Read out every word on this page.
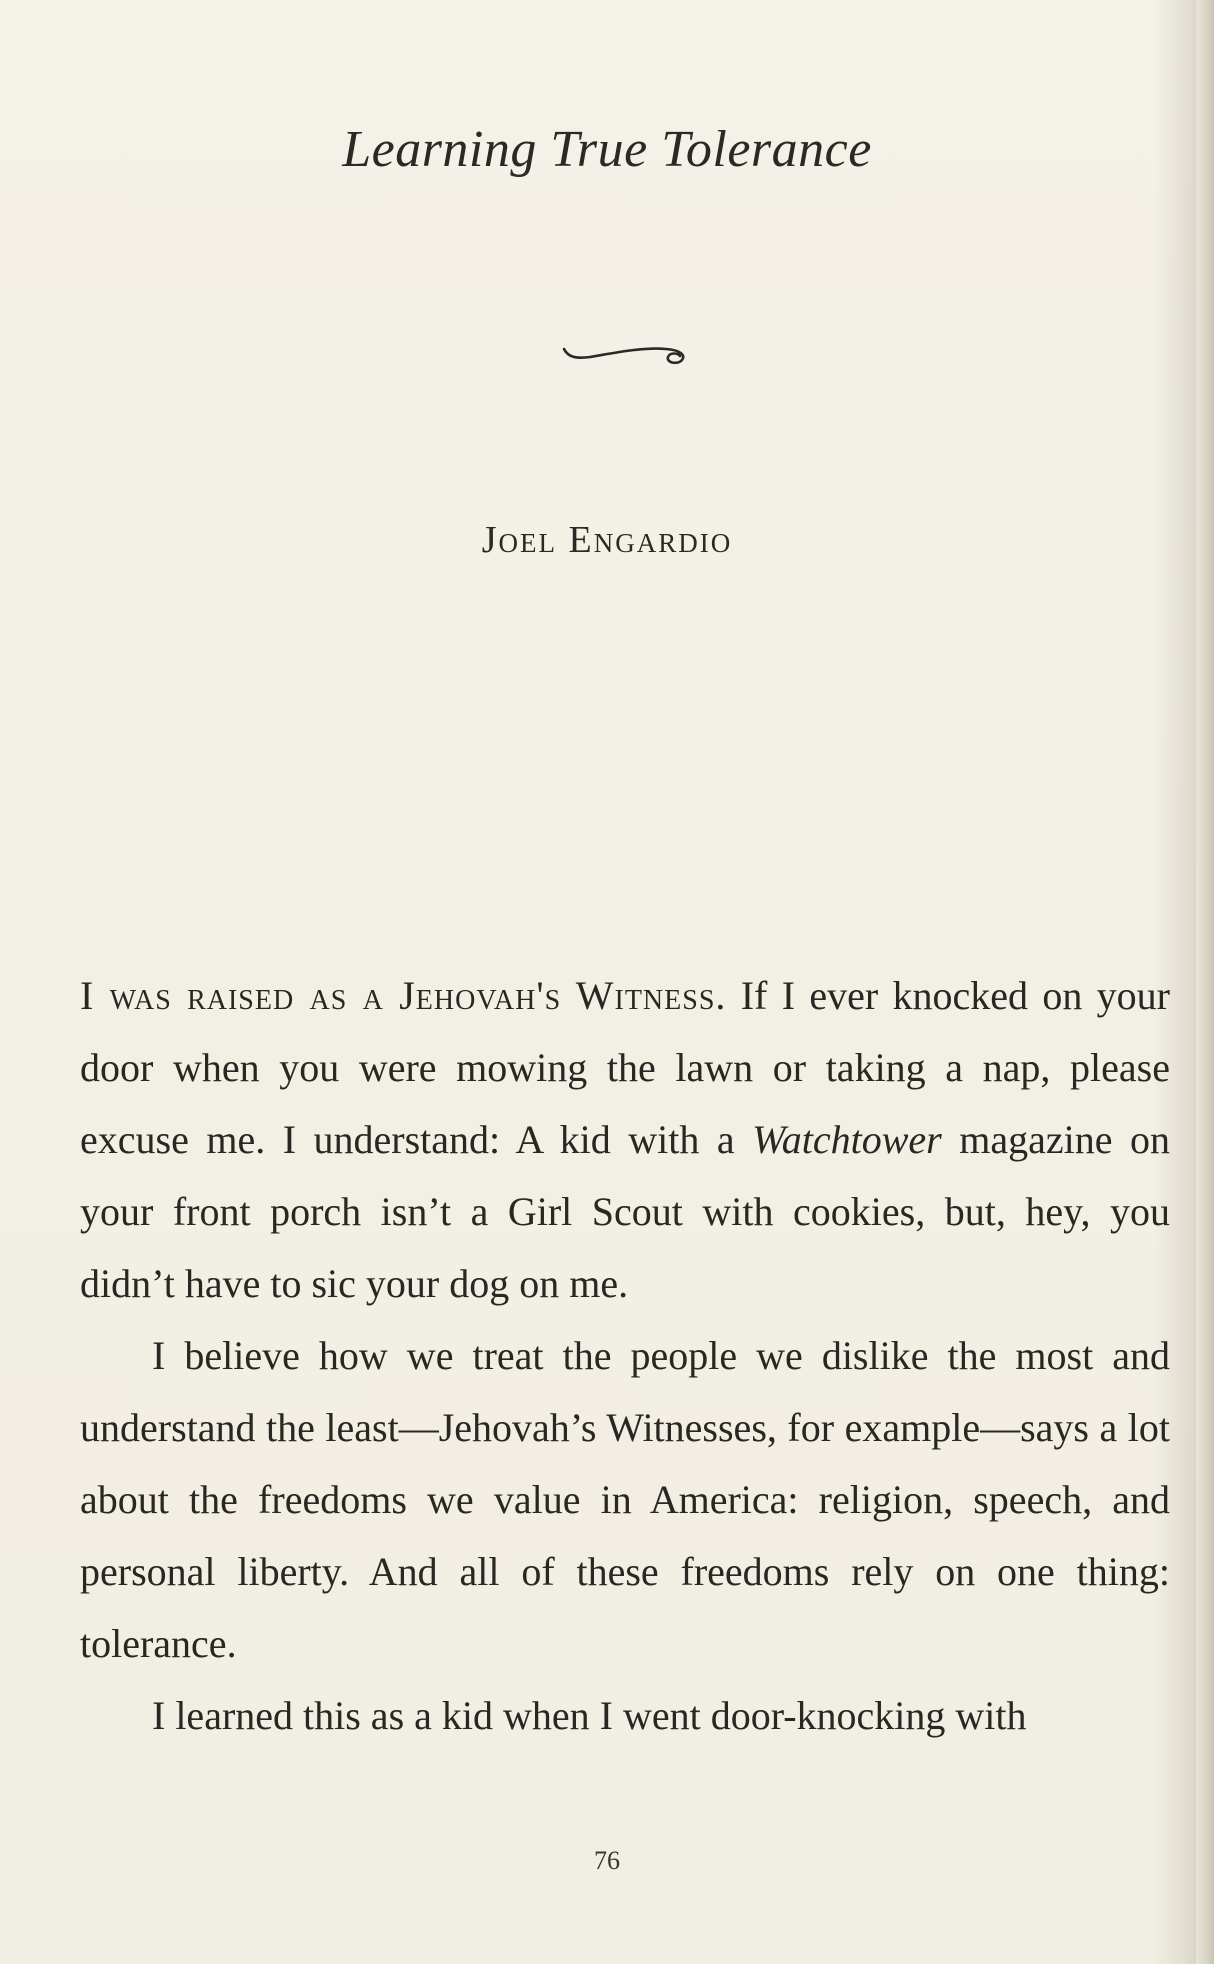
Learning True Tolerance
Joel Engardio

I was raised as a Jehovah's Witness. If I ever knocked on your door when you were mowing the lawn or taking a nap, please excuse me. I understand: A kid with a Watchtower magazine on your front porch isn’t a Girl Scout with cookies, but, hey, you didn’t have to sic your dog on me.

I believe how we treat the people we dislike the most and understand the least—Jehovah’s Witnesses, for example—says a lot about the freedoms we value in America: religion, speech, and personal liberty. And all of these freedoms rely on one thing: tolerance.

I learned this as a kid when I went door-knocking with

76
